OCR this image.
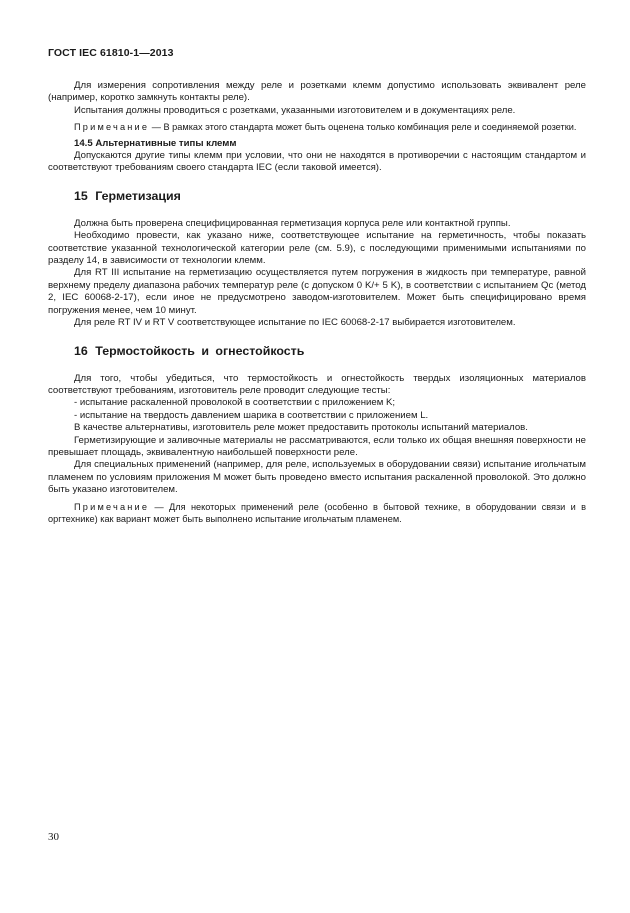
ГОСТ IEC 61810-1—2013

Для измерения сопротивления между реле и розетками клемм допустимо использовать эквивалент реле (например, коротко замкнуть контакты реле).

Испытания должны проводиться с розетками, указанными изготовителем и в документациях реле.

Примечание — В рамках этого стандарта может быть оценена только комбинация реле и соединяемой розетки.

14.5 Альтернативные типы клемм

Допускаются другие типы клемм при условии, что они не находятся в противоречии с настоящим стандартом и соответствуют требованиям своего стандарта IEC (если таковой имеется).

15 Герметизация

Должна быть проверена специфицированная герметизация корпуса реле или контактной группы.

Необходимо провести, как указано ниже, соответствующее испытание на герметичность, чтобы показать соответствие указанной технологической категории реле (см. 5.9), с последующими применимыми испытаниями по разделу 14, в зависимости от технологии клемм.

Для RT III испытание на герметизацию осуществляется путем погружения в жидкость при температуре, равной верхнему пределу диапазона рабочих температур реле (с допуском 0 K/+ 5 K), в соответствии с испытанием Qc (метод 2, IEC 60068-2-17), если иное не предусмотрено заводом-изготовителем. Может быть специфицировано время погружения менее, чем 10 минут.

Для реле RT IV и RT V соответствующее испытание по IEC 60068-2-17 выбирается изготовителем.

16 Термостойкость и огнестойкость

Для того, чтобы убедиться, что термостойкость и огнестойкость твердых изоляционных материалов соответствуют требованиям, изготовитель реле проводит следующие тесты:

- испытание раскаленной проволокой в соответствии с приложением K;

- испытание на твердость давлением шарика в соответствии с приложением L.

В качестве альтернативы, изготовитель реле может предоставить протоколы испытаний материалов.

Герметизирующие и заливочные материалы не рассматриваются, если только их общая внешняя поверхности не превышает площадь, эквивалентную наибольшей поверхности реле.

Для специальных применений (например, для реле, используемых в оборудовании связи) испытание игольчатым пламенем по условиям приложения M может быть проведено вместо испытания раскаленной проволокой. Это должно быть указано изготовителем.

Примечание — Для некоторых применений реле (особенно в бытовой технике, в оборудовании связи и в оргтехнике) как вариант может быть выполнено испытание игольчатым пламенем.

30
